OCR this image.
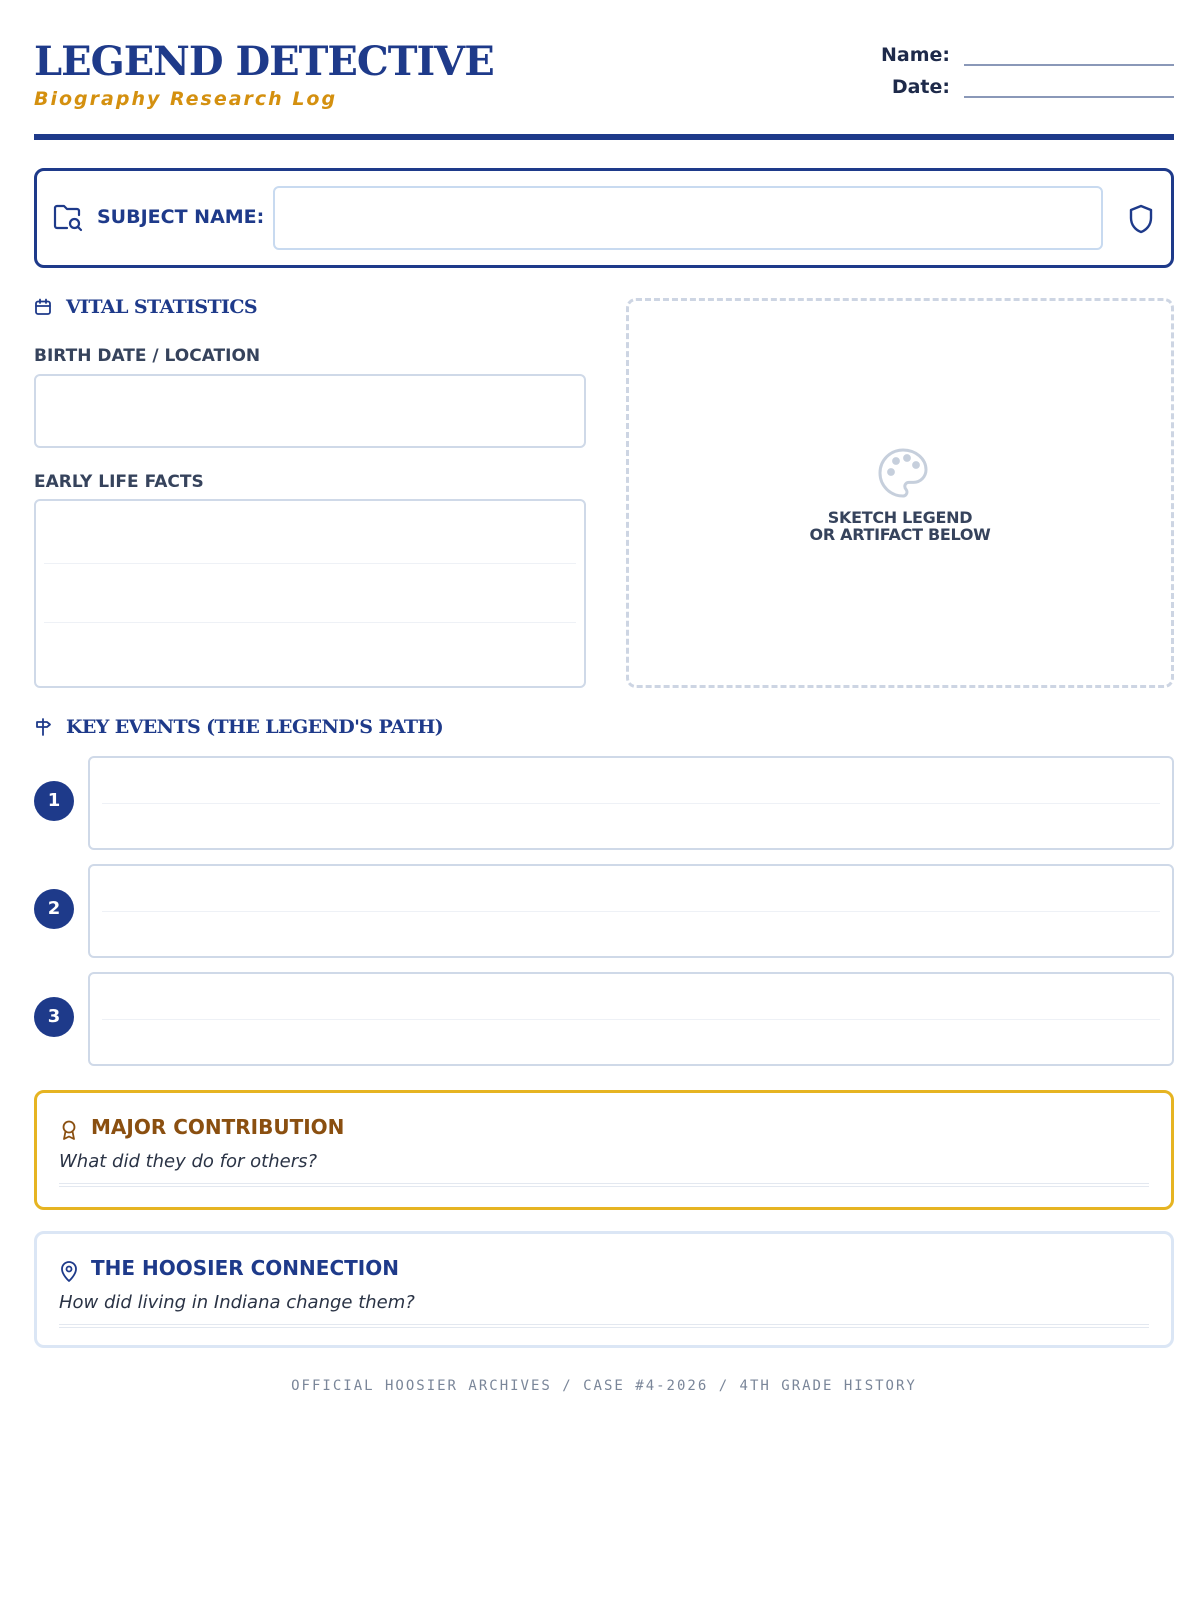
LEGEND DETECTIVE
Biography Research Log
Name:
Date:
SUBJECT NAME:
VITAL STATISTICS
BIRTH DATE / LOCATION
EARLY LIFE FACTS
SKETCH LEGEND
OR ARTIFACT BELOW
KEY EVENTS (THE LEGEND'S PATH)
1
2
3
MAJOR CONTRIBUTION
What did they do for others?
THE HOOSIER CONNECTION
How did living in Indiana change them?
OFFICIAL HOOSIER ARCHIVES / CASE #4-2026 / 4TH GRADE HISTORY
